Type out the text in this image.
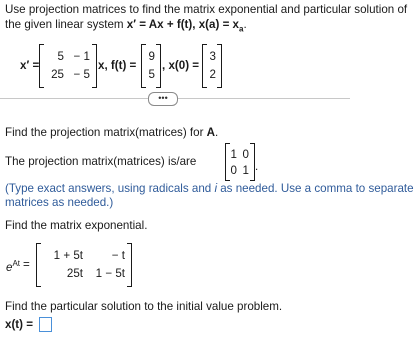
Use projection matrices to find the matrix exponential and particular solution of
the given linear system x′ = Ax + f(t), $x(a) = x_a$.
x′ =
5 − 1
25 − 5
x, f(t) =
9
5
, x(0) =
3
2
•••
Find the projection matrix(matrices) for A.
The projection matrix(matrices) is/are
1 0
0 1 .
(Type exact answers, using radicals and i as needed. Use a comma to separate
matrices as needed.)
Find the matrix exponential.
$e^{At}$ =
1 + 5t − t
25t 1 − 5t
Find the particular solution to the initial value problem.
x(t) =
